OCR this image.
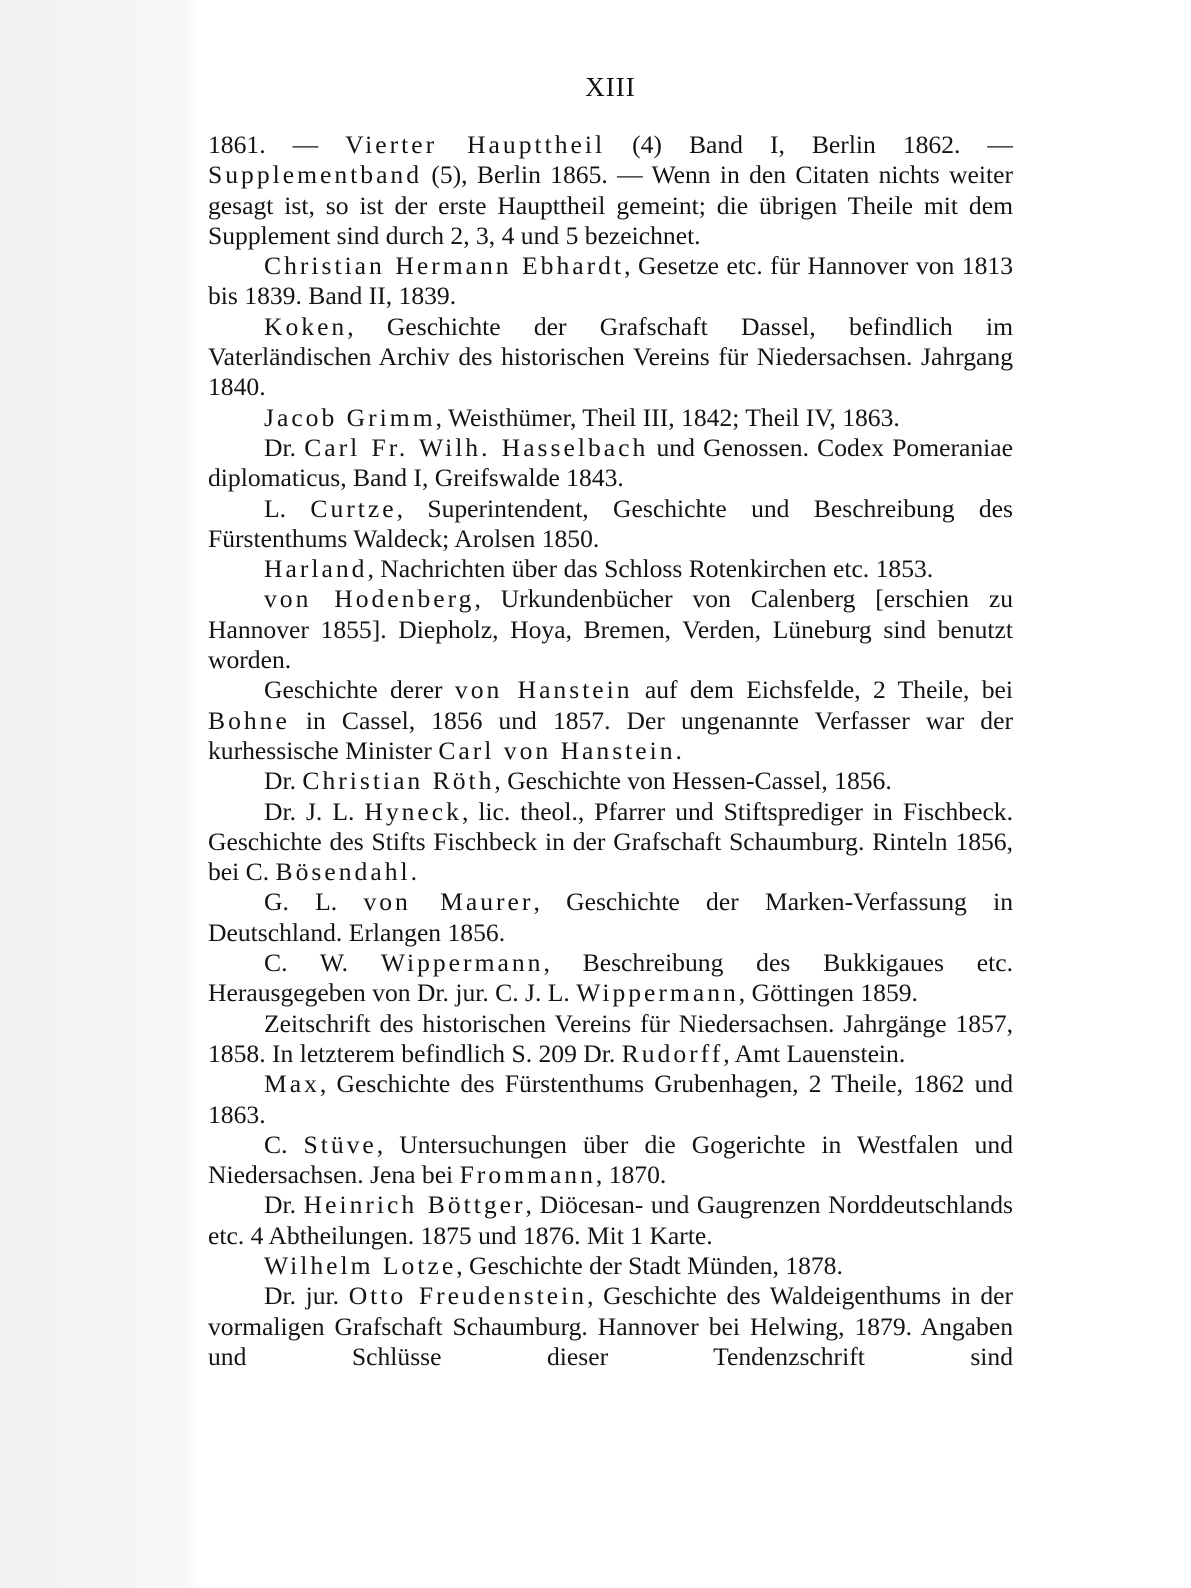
XIII

1861. — Vierter Haupttheil (4) Band I, Berlin 1862. — Supplementband (5), Berlin 1865. — Wenn in den Citaten nichts weiter gesagt ist, so ist der erste Haupttheil gemeint; die übrigen Theile mit dem Supplement sind durch 2, 3, 4 und 5 bezeichnet.

Christian Hermann Ebhardt, Gesetze etc. für Hannover von 1813 bis 1839. Band II, 1839.

Koken, Geschichte der Grafschaft Dassel, befindlich im Vaterländischen Archiv des historischen Vereins für Niedersachsen. Jahrgang 1840.

Jacob Grimm, Weisthümer, Theil III, 1842; Theil IV, 1863.

Dr. Carl Fr. Wilh. Hasselbach und Genossen. Codex Pomeraniae diplomaticus, Band I, Greifswalde 1843.

L. Curtze, Superintendent, Geschichte und Beschreibung des Fürstenthums Waldeck; Arolsen 1850.

Harland, Nachrichten über das Schloss Rotenkirchen etc. 1853.

von Hodenberg, Urkundenbücher von Calenberg [erschien zu Hannover 1855]. Diepholz, Hoya, Bremen, Verden, Lüneburg sind benutzt worden.

Geschichte derer von Hanstein auf dem Eichsfelde, 2 Theile, bei Bohne in Cassel, 1856 und 1857. Der ungenannte Verfasser war der kurhessische Minister Carl von Hanstein.

Dr. Christian Röth, Geschichte von Hessen-Cassel, 1856.

Dr. J. L. Hyneck, lic. theol., Pfarrer und Stiftsprediger in Fischbeck. Geschichte des Stifts Fischbeck in der Grafschaft Schaumburg. Rinteln 1856, bei C. Bösendahl.

G. L. von Maurer, Geschichte der Marken-Verfassung in Deutschland. Erlangen 1856.

C. W. Wippermann, Beschreibung des Bukkigaues etc. Herausgegeben von Dr. jur. C. J. L. Wippermann, Göttingen 1859.

Zeitschrift des historischen Vereins für Niedersachsen. Jahrgänge 1857, 1858. In letzterem befindlich S. 209 Dr. Rudorff, Amt Lauenstein.

Max, Geschichte des Fürstenthums Grubenhagen, 2 Theile, 1862 und 1863.

C. Stüve, Untersuchungen über die Gogerichte in Westfalen und Niedersachsen. Jena bei Frommann, 1870.

Dr. Heinrich Böttger, Diöcesan- und Gaugrenzen Norddeutschlands etc. 4 Abtheilungen. 1875 und 1876. Mit 1 Karte.

Wilhelm Lotze, Geschichte der Stadt Münden, 1878.

Dr. jur. Otto Freudenstein, Geschichte des Waldeigenthums in der vormaligen Grafschaft Schaumburg. Hannover bei Helwing, 1879. Angaben und Schlüsse dieser Tendenzschrift sind
